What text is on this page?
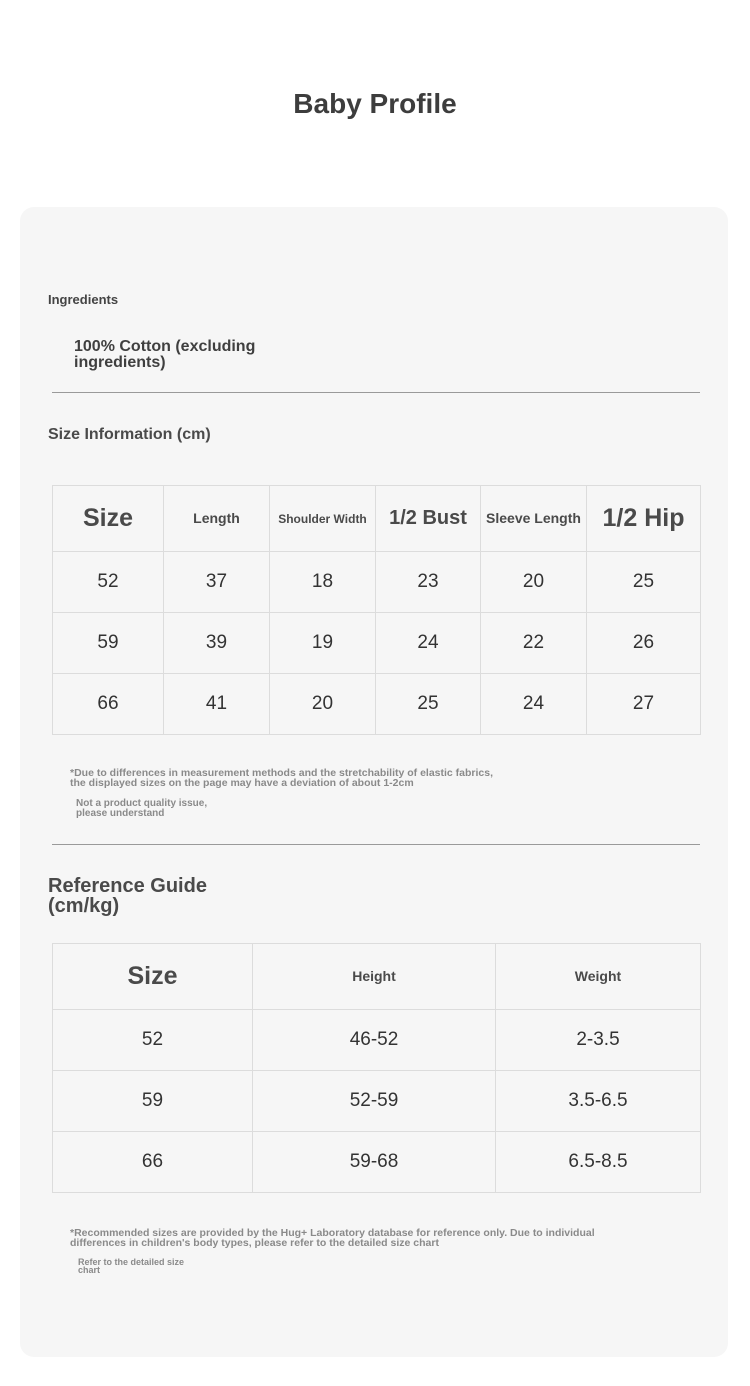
Baby Profile
Ingredients
100% Cotton (excluding ingredients)
Size Information (cm)
Size	Length	Shoulder Width	1/2 Bust	Sleeve Length	1/2 Hip
52	37	18	23	20	25
59	39	19	24	22	26
66	41	20	25	24	27
*Due to differences in measurement methods and the stretchability of elastic fabrics, the displayed sizes on the page may have a deviation of about 1-2cm
Not a product quality issue, please understand
Reference Guide (cm/kg)
Size	Height	Weight
52	46-52	2-3.5
59	52-59	3.5-6.5
66	59-68	6.5-8.5
*Recommended sizes are provided by the Hug+ Laboratory database for reference only. Due to individual differences in children's body types, please refer to the detailed size chart
Refer to the detailed size chart
